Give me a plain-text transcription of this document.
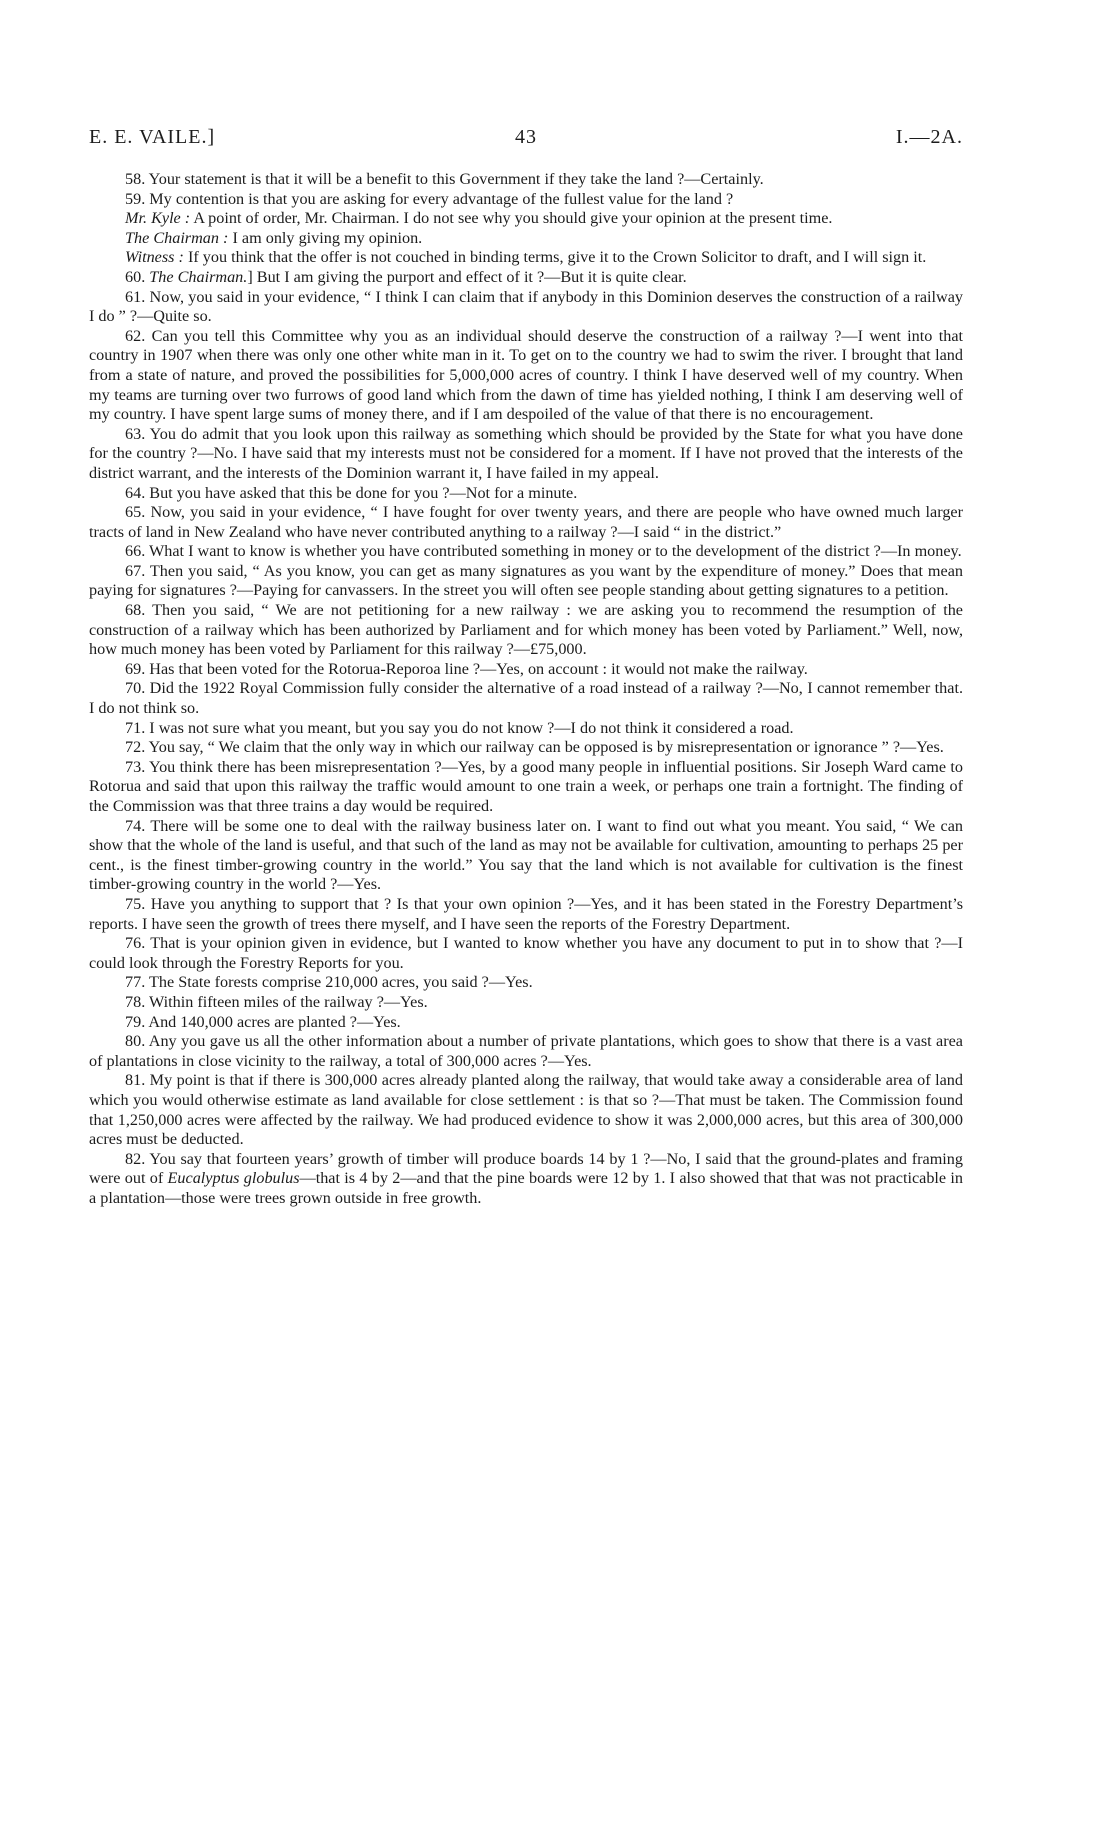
E. E. VAILE.]	43	I.—2A.

58. Your statement is that it will be a benefit to this Government if they take the land ?—Certainly.

59. My contention is that you are asking for every advantage of the fullest value for the land ?

Mr. Kyle : A point of order, Mr. Chairman. I do not see why you should give your opinion at the present time.

The Chairman : I am only giving my opinion.

Witness : If you think that the offer is not couched in binding terms, give it to the Crown Solicitor to draft, and I will sign it.

60. The Chairman.] But I am giving the purport and effect of it ?—But it is quite clear.

61. Now, you said in your evidence, “ I think I can claim that if anybody in this Dominion deserves the construction of a railway I do ” ?—Quite so.

62. Can you tell this Committee why you as an individual should deserve the construction of a railway ?—I went into that country in 1907 when there was only one other white man in it. To get on to the country we had to swim the river. I brought that land from a state of nature, and proved the possibilities for 5,000,000 acres of country. I think I have deserved well of my country. When my teams are turning over two furrows of good land which from the dawn of time has yielded nothing, I think I am deserving well of my country. I have spent large sums of money there, and if I am despoiled of the value of that there is no encouragement.

63. You do admit that you look upon this railway as something which should be provided by the State for what you have done for the country ?—No. I have said that my interests must not be considered for a moment. If I have not proved that the interests of the district warrant, and the interests of the Dominion warrant it, I have failed in my appeal.

64. But you have asked that this be done for you ?—Not for a minute.

65. Now, you said in your evidence, “ I have fought for over twenty years, and there are people who have owned much larger tracts of land in New Zealand who have never contributed anything to a railway ?—I said “ in the district.”

66. What I want to know is whether you have contributed something in money or to the development of the district ?—In money.

67. Then you said, “ As you know, you can get as many signatures as you want by the expenditure of money.” Does that mean paying for signatures ?—Paying for canvassers. In the street you will often see people standing about getting signatures to a petition.

68. Then you said, “ We are not petitioning for a new railway : we are asking you to recommend the resumption of the construction of a railway which has been authorized by Parliament and for which money has been voted by Parliament.” Well, now, how much money has been voted by Parliament for this railway ?—£75,000.

69. Has that been voted for the Rotorua-Reporoa line ?—Yes, on account : it would not make the railway.

70. Did the 1922 Royal Commission fully consider the alternative of a road instead of a railway ?—No, I cannot remember that. I do not think so.

71. I was not sure what you meant, but you say you do not know ?—I do not think it considered a road.

72. You say, “ We claim that the only way in which our railway can be opposed is by misrepresentation or ignorance ” ?—Yes.

73. You think there has been misrepresentation ?—Yes, by a good many people in influential positions. Sir Joseph Ward came to Rotorua and said that upon this railway the traffic would amount to one train a week, or perhaps one train a fortnight. The finding of the Commission was that three trains a day would be required.

74. There will be some one to deal with the railway business later on. I want to find out what you meant. You said, “ We can show that the whole of the land is useful, and that such of the land as may not be available for cultivation, amounting to perhaps 25 per cent., is the finest timber-growing country in the world.” You say that the land which is not available for cultivation is the finest timber-growing country in the world ?—Yes.

75. Have you anything to support that ? Is that your own opinion ?—Yes, and it has been stated in the Forestry Department’s reports. I have seen the growth of trees there myself, and I have seen the reports of the Forestry Department.

76. That is your opinion given in evidence, but I wanted to know whether you have any document to put in to show that ?—I could look through the Forestry Reports for you.

77. The State forests comprise 210,000 acres, you said ?—Yes.

78. Within fifteen miles of the railway ?—Yes.

79. And 140,000 acres are planted ?—Yes.

80. Any you gave us all the other information about a number of private plantations, which goes to show that there is a vast area of plantations in close vicinity to the railway, a total of 300,000 acres ?—Yes.

81. My point is that if there is 300,000 acres already planted along the railway, that would take away a considerable area of land which you would otherwise estimate as land available for close settlement : is that so ?—That must be taken. The Commission found that 1,250,000 acres were affected by the railway. We had produced evidence to show it was 2,000,000 acres, but this area of 300,000 acres must be deducted.

82. You say that fourteen years’ growth of timber will produce boards 14 by 1 ?—No, I said that the ground-plates and framing were out of Eucalyptus globulus—that is 4 by 2—and that the pine boards were 12 by 1. I also showed that that was not practicable in a plantation—those were trees grown outside in free growth.
